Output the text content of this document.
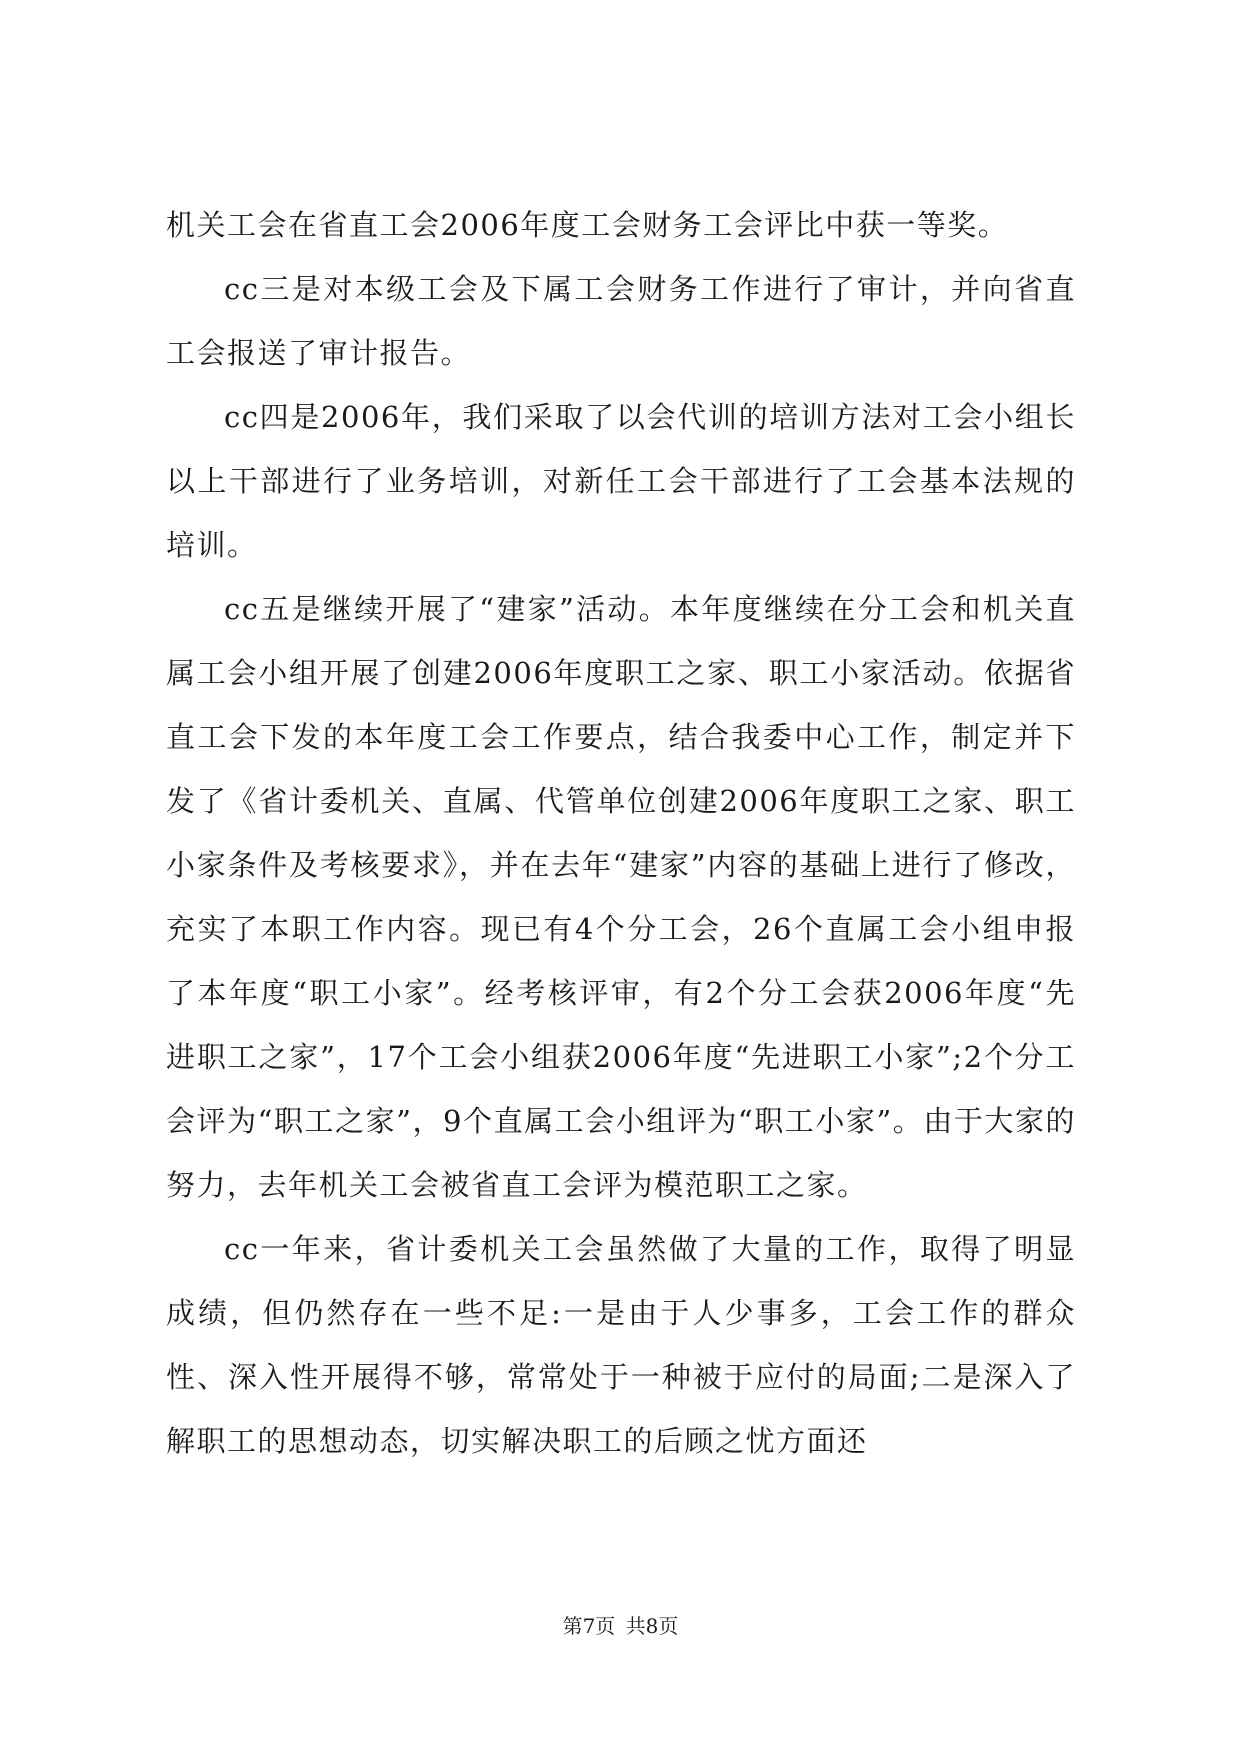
机关工会在省直工会2006年度工会财务工会评比中获一等奖。

cc三是对本级工会及下属工会财务工作进行了审计，并向省直工会报送了审计报告。

cc四是2006年，我们采取了以会代训的培训方法对工会小组长以上干部进行了业务培训，对新任工会干部进行了工会基本法规的培训。

cc五是继续开展了“建家”活动。本年度继续在分工会和机关直属工会小组开展了创建2006年度职工之家、职工小家活动。依据省直工会下发的本年度工会工作要点，结合我委中心工作，制定并下发了《省计委机关、直属、代管单位创建2006年度职工之家、职工小家条件及考核要求》，并在去年“建家”内容的基础上进行了修改，充实了本职工作内容。现已有4个分工会，26个直属工会小组申报了本年度“职工小家”。经考核评审，有2个分工会获2006年度“先进职工之家”，17个工会小组获2006年度“先进职工小家”;2个分工会评为“职工之家”，9个直属工会小组评为“职工小家”。由于大家的努力，去年机关工会被省直工会评为模范职工之家。

cc一年来，省计委机关工会虽然做了大量的工作，取得了明显成绩，但仍然存在一些不足:一是由于人少事多，工会工作的群众性、深入性开展得不够，常常处于一种被于应付的局面;二是深入了解职工的思想动态，切实解决职工的后顾之忧方面还

第7页 共8页
